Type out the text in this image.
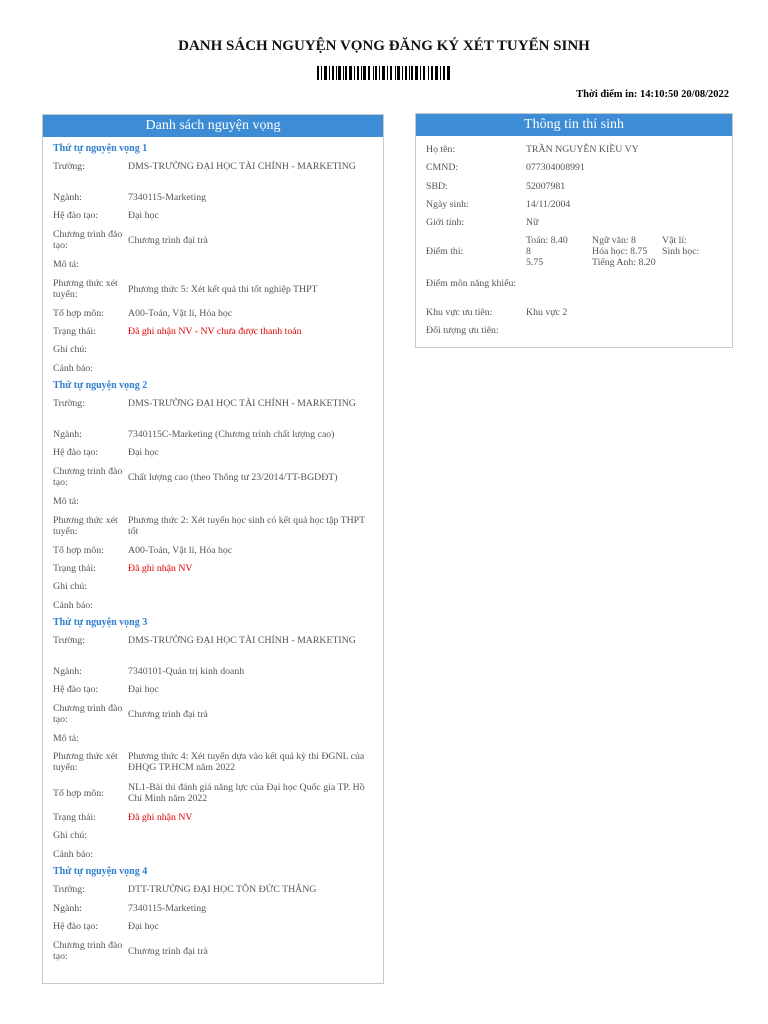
DANH SÁCH NGUYỆN VỌNG ĐĂNG KÝ XÉT TUYỂN SINH
Thời điểm in: 14:10:50 20/08/2022
Danh sách nguyện vọng
Thứ tự nguyện vọng 1
Trường:	DMS-TRƯỜNG ĐẠI HỌC TÀI CHÍNH - MARKETING
Ngành:	7340115-Marketing
Hệ đào tạo:	Đại học
Chương trình đào tạo:	Chương trình đại trà
Mô tả:
Phương thức xét tuyển:	Phương thức 5: Xét kết quả thi tốt nghiệp THPT
Tổ hợp môn:	A00-Toán, Vật lí, Hóa học
Trạng thái:	Đã ghi nhận NV - NV chưa được thanh toán
Ghi chú:
Cảnh báo:
Thứ tự nguyện vọng 2
Trường:	DMS-TRƯỜNG ĐẠI HỌC TÀI CHÍNH - MARKETING
Ngành:	7340115C-Marketing (Chương trình chất lượng cao)
Hệ đào tạo:	Đại học
Chương trình đào tạo:	Chất lượng cao (theo Thông tư 23/2014/TT-BGDĐT)
Mô tả:
Phương thức xét tuyển:
Phương thức 2: Xét tuyển học sinh có kết quả học tập THPT tốt
Tổ hợp môn:	A00-Toán, Vật lí, Hóa học
Trạng thái:	Đã ghi nhận NV
Ghi chú:
Cảnh báo:
Thứ tự nguyện vọng 3
Trường:	DMS-TRƯỜNG ĐẠI HỌC TÀI CHÍNH - MARKETING
Ngành:	7340101-Quản trị kinh doanh
Hệ đào tạo:	Đại học
Chương trình đào tạo:	Chương trình đại trà
Mô tả:
Phương thức xét tuyển:
Phương thức 4: Xét tuyển dựa vào kết quả kỳ thi ĐGNL của ĐHQG TP.HCM năm 2022
Tổ hợp môn:	NL1-Bài thi đánh giá năng lực của Đại học Quốc gia TP. Hồ Chí Minh năm 2022
Trạng thái:	Đã ghi nhận NV
Ghi chú:
Cảnh báo:
Thứ tự nguyện vọng 4
Trường:	DTT-TRƯỜNG ĐẠI HỌC TÔN ĐỨC THẮNG
Ngành:	7340115-Marketing
Hệ đào tạo:	Đại học
Chương trình đào tạo:	Chương trình đại trà
Thông tin thí sinh
Họ tên:	TRẦN NGUYỄN KIỀU VY
CMND:	077304008991
SBD:	52007981
Ngày sinh:	14/11/2004
Giới tính:	Nữ
Điểm thi:
Toán: 8.40	Ngữ văn: 8	Vật lí:
8	Hóa học: 8.75	Sinh học:
5.75	Tiếng Anh: 8.20
Điểm môn năng khiếu:
Khu vực ưu tiên:	Khu vực 2
Đối tượng ưu tiên:
